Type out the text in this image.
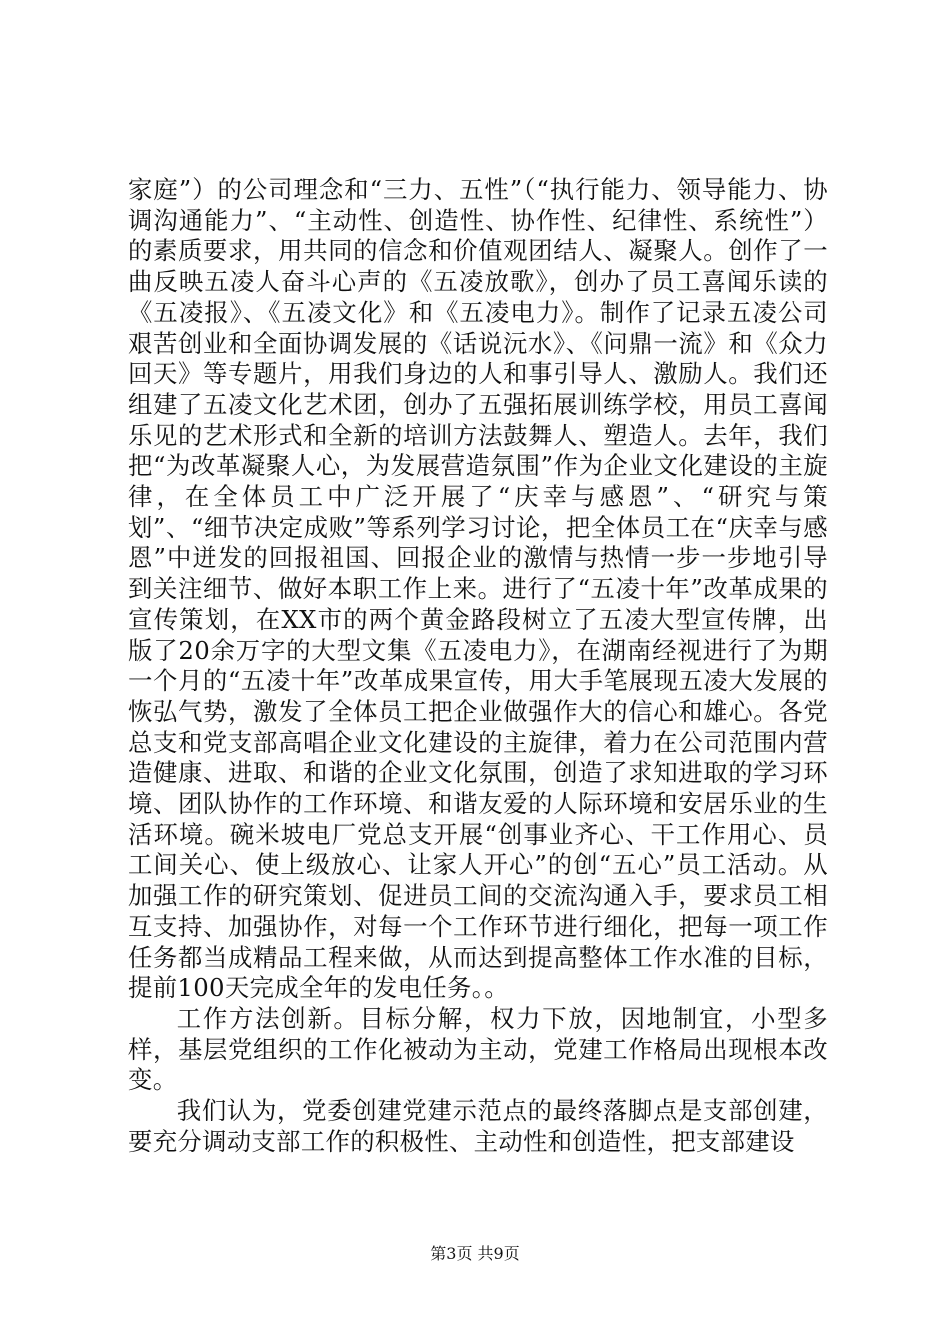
家庭”）的公司理念和“三力、五性”（“执行能力、领导能力、协调沟通能力”、“主动性、创造性、协作性、纪律性、系统性”）的素质要求，用共同的信念和价值观团结人、凝聚人。创作了一曲反映五凌人奋斗心声的《五凌放歌》，创办了员工喜闻乐读的《五凌报》、《五凌文化》和《五凌电力》。制作了记录五凌公司艰苦创业和全面协调发展的《话说沅水》、《问鼎一流》和《众力回天》等专题片，用我们身边的人和事引导人、激励人。我们还组建了五凌文化艺术团，创办了五强拓展训练学校，用员工喜闻乐见的艺术形式和全新的培训方法鼓舞人、塑造人。去年，我们把“为改革凝聚人心，为发展营造氛围”作为企业文化建设的主旋律，在全体员工中广泛开展了“庆幸与感恩”、“研究与策划”、“细节决定成败”等系列学习讨论，把全体员工在“庆幸与感恩”中迸发的回报祖国、回报企业的激情与热情一步一步地引导到关注细节、做好本职工作上来。进行了“五凌十年”改革成果的宣传策划，在XX市的两个黄金路段树立了五凌大型宣传牌，出版了20余万字的大型文集《五凌电力》，在湖南经视进行了为期一个月的“五凌十年”改革成果宣传，用大手笔展现五凌大发展的恢弘气势，激发了全体员工把企业做强作大的信心和雄心。各党总支和党支部高唱企业文化建设的主旋律，着力在公司范围内营造健康、进取、和谐的企业文化氛围，创造了求知进取的学习环境、团队协作的工作环境、和谐友爱的人际环境和安居乐业的生活环境。碗米坡电厂党总支开展“创事业齐心、干工作用心、员工间关心、使上级放心、让家人开心”的创“五心”员工活动。从加强工作的研究策划、促进员工间的交流沟通入手，要求员工相互支持、加强协作，对每一个工作环节进行细化，把每一项工作任务都当成精品工程来做，从而达到提高整体工作水准的目标，提前100天完成全年的发电任务。。

工作方法创新。目标分解，权力下放，因地制宜，小型多样，基层党组织的工作化被动为主动，党建工作格局出现根本改变。

我们认为，党委创建党建示范点的最终落脚点是支部创建，要充分调动支部工作的积极性、主动性和创造性，把支部建设

第3页 共9页
